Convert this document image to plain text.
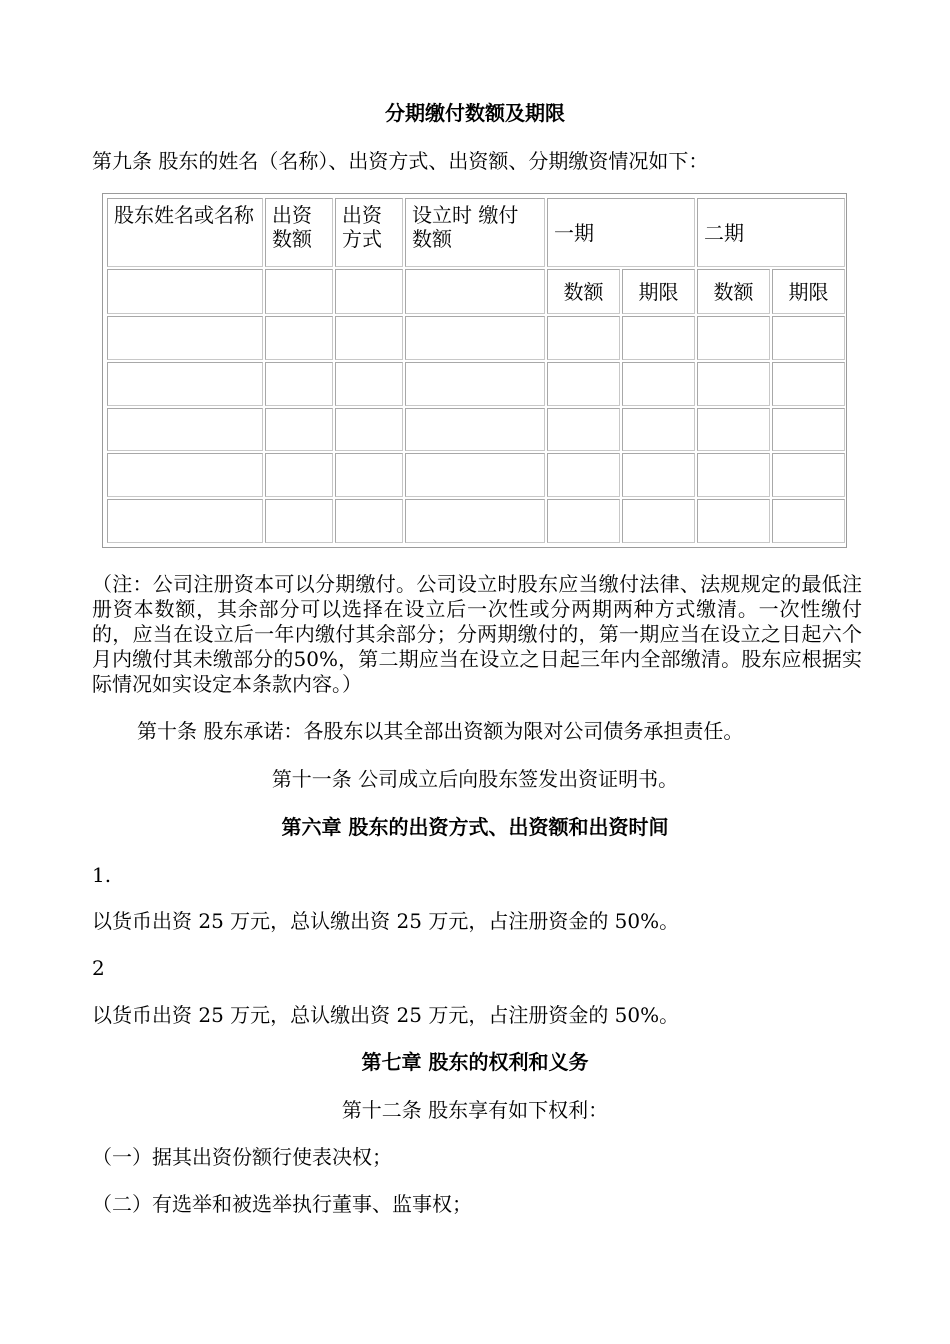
分期缴付数额及期限
第九条 股东的姓名（名称）、出资方式、出资额、分期缴资情况如下：
股东姓名或名称	出资数额	出资方式	设立时 缴付数额	一期		二期	
				数额	期限	数额	期限

（注：公司注册资本可以分期缴付。公司设立时股东应当缴付法律、法规规定的最低注册资本数额，其余部分可以选择在设立后一次性或分两期两种方式缴清。一次性缴付的，应当在设立后一年内缴付其余部分；分两期缴付的，第一期应当在设立之日起六个月内缴付其未缴部分的50%，第二期应当在设立之日起三年内全部缴清。股东应根据实际情况如实设定本条款内容。）
第十条 股东承诺：各股东以其全部出资额为限对公司债务承担责任。
第十一条 公司成立后向股东签发出资证明书。
第六章 股东的出资方式、出资额和出资时间
1.
以货币出资 25 万元，总认缴出资 25 万元，占注册资金的 50%。
2
以货币出资 25 万元，总认缴出资 25 万元，占注册资金的 50%。
第七章 股东的权利和义务
第十二条 股东享有如下权利：
（一）据其出资份额行使表决权；
（二）有选举和被选举执行董事、监事权；
